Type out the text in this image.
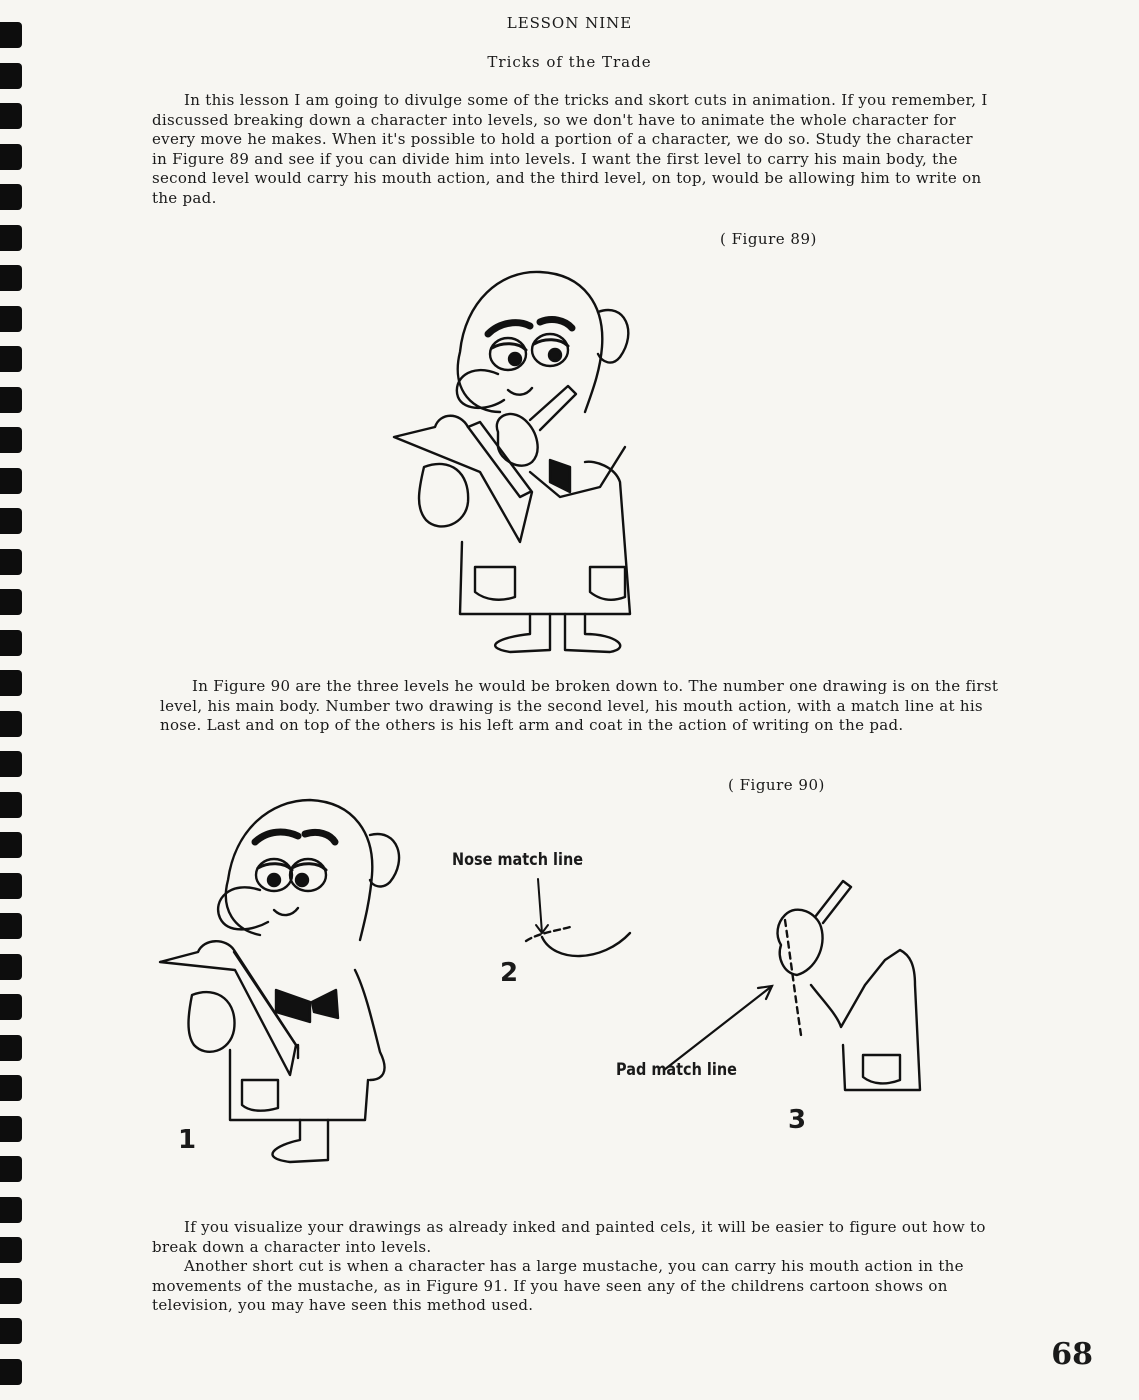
LESSON NINE
Tricks of the Trade

In this lesson I am going to divulge some of the tricks and skort cuts in animation. If you remember, I discussed breaking down a character into levels, so we don't have to animate the whole character for every move he makes. When it's possible to hold a portion of a character, we do so. Study the character in Figure 89 and see if you can divide him into levels. I want the first level to carry his main body, the second level would carry his mouth action, and the third level, on top, would be allowing him to write on the pad.

( Figure 89)

In Figure 90 are the three levels he would be broken down to. The number one drawing is on the first level, his main body. Number two drawing is the second level, his mouth action, with a match line at his nose. Last and on top of the others is his left arm and coat in the action of writing on the pad.

( Figure 90)
1
Nose match line
2
Pad match line
3

If you visualize your drawings as already inked and painted cels, it will be easier to figure out how to break down a character into levels.

Another short cut is when a character has a large mustache, you can carry his mouth action in the movements of the mustache, as in Figure 91. If you have seen any of the childrens cartoon shows on television, you may have seen this method used.

68
